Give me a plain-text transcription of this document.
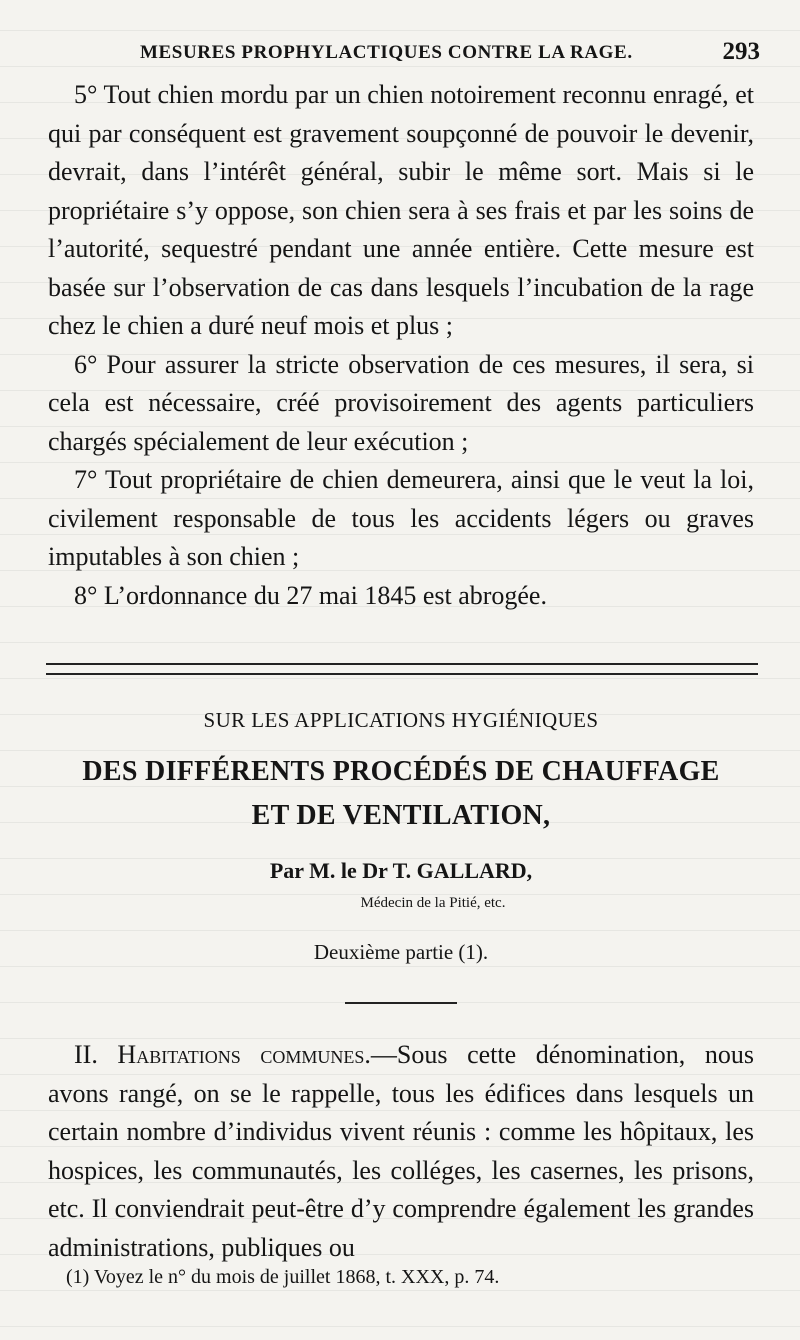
MESURES PROPHYLACTIQUES CONTRE LA RAGE.	293

5° Tout chien mordu par un chien notoirement reconnu enragé, et qui par conséquent est gravement soupçonné de pouvoir le devenir, devrait, dans l’intérêt général, subir le même sort. Mais si le propriétaire s’y oppose, son chien sera à ses frais et par les soins de l’autorité, sequestré pendant une année entière. Cette mesure est basée sur l’observation de cas dans lesquels l’incubation de la rage chez le chien a duré neuf mois et plus ;

6° Pour assurer la stricte observation de ces mesures, il sera, si cela est nécessaire, créé provisoirement des agents particuliers chargés spécialement de leur exécution ;

7° Tout propriétaire de chien demeurera, ainsi que le veut la loi, civilement responsable de tous les accidents légers ou graves imputables à son chien ;

8° L’ordonnance du 27 mai 1845 est abrogée.

SUR LES APPLICATIONS HYGIÉNIQUES
DES DIFFÉRENTS PROCÉDÉS DE CHAUFFAGE
ET DE VENTILATION,
Par M. le Dr T. GALLARD,
Médecin de la Pitié, etc.
Deuxième partie (1).

II. Habitations communes.—Sous cette dénomination, nous avons rangé, on se le rappelle, tous les édifices dans lesquels un certain nombre d’individus vivent réunis : comme les hôpitaux, les hospices, les communautés, les colléges, les casernes, les prisons, etc. Il conviendrait peut-être d’y comprendre également les grandes administrations, publiques ou

(1) Voyez le n° du mois de juillet 1868, t. XXX, p. 74.
